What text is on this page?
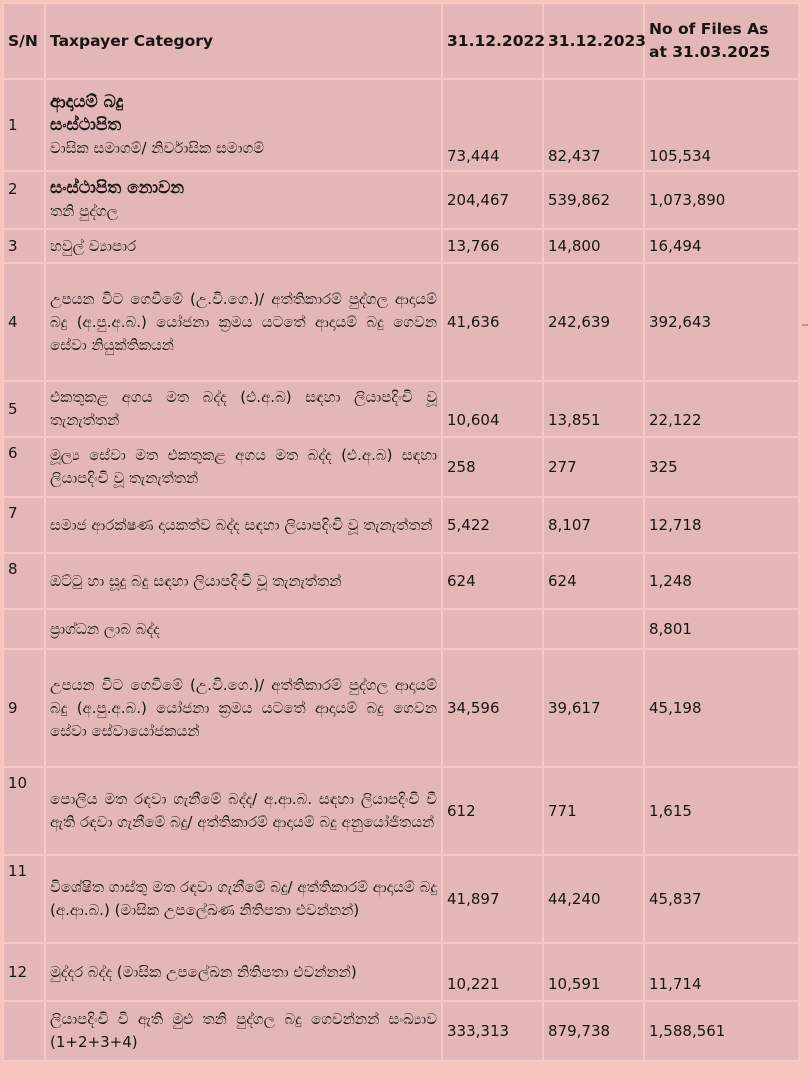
S/N	Taxpayer Category	31.12.2022	31.12.2023	No of Files As
at 31.03.2025

1	ආදායම් බදු
සංස්ථාපිත
වාසික සමාගම්/ නිර්වාසික සමාගම්	73,444	82,437	105,534
2	සංස්ථාපිත නොවන
තනි පුද්ගල	204,467	539,862	1,073,890
3	හවුල් ව්‍යාපාර	13,766	14,800	16,494
4	උපයන විට ගෙවීමේ (උ.වි.ගෙ.)/ අත්තිකාරම් පුද්ගල ආදායම් බදු (අ.පු.අ.බ.) යෝජනා ක්‍රමය යටතේ ආදායම් බදු ගෙවන සේවා නියුක්තිකයන්	41,636	242,639	392,643
5	එකතුකළ අගය මත බද්ද (එ.අ.බ) සඳහා ලියාපදිංචි වූ තැනැත්තන්	10,604	13,851	22,122
6	මූල්‍ය සේවා මත එකතුකළ අගය මත බද්ද (එ.අ.බ) සඳහා ලියාපදිංචි වූ තැනැත්තන්	258	277	325
7	සමාජ ආරක්ෂණ දායකත්ව බද්ද සඳහා ලියාපදිංචි වූ තැනැත්තන්	5,422	8,107	12,718
8	ඔට්ටු හා සූදු බදු සඳහා ලියාපදිංචි වූ තැනැත්තන්	624	624	1,248
	ප්‍රාග්ධන ලාබ බද්ද			8,801
9	උපයන විට ගෙවීමේ (උ.වි.ගෙ.)/ අත්තිකාරම් පුද්ගල ආදායම් බදු (අ.පු.අ.බ.) යෝජනා ක්‍රමය යටතේ ආදායම් බදු ගෙවන සේවා සේවායෝජකයන්	34,596	39,617	45,198
10	පොලිය මත රඳවා ගැනීමේ බද්ද/ අ.ආ.බ. සඳහා ලියාපදිංචි වී ඇති රඳවා ගැනීමේ බදු/ අත්තිකාරම් ආදායම් බදු අනුයෝජිතයන්	612	771	1,615
11	විශේෂිත ගාස්තු මත රඳවා ගැනීමේ බදු/ අත්තිකාරම් ආදායම් බදු (අ.ආ.බ.) (මාසික උපලේඛණ නිතිපතා එවන්නන්)	41,897	44,240	45,837
12	මුද්දර බද්ද (මාසික උපලේඛන නිතිපතා එවන්නන්)	10,221	10,591	11,714
	ලියාපදිංචි වී ඇති මුළු තනි පුද්ගල බදු ගෙවන්නන් සංඛ්‍යාව (1+2+3+4)	333,313	879,738	1,588,561
